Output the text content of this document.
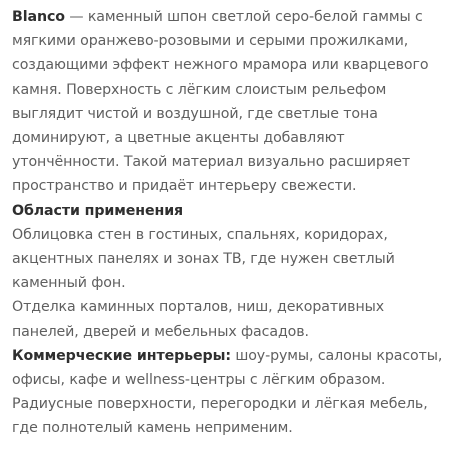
Blanco — каменный шпон светлой серо-белой гаммы с мягкими оранжево-розовыми и серыми прожилками, создающими эффект нежного мрамора или кварцевого камня. Поверхность с лёгким слоистым рельефом выглядит чистой и воздушной, где светлые тона доминируют, а цветные акценты добавляют утончённости. Такой материал визуально расширяет пространство и придаёт интерьеру свежести.

Области применения

Облицовка стен в гостиных, спальнях, коридорах, акцентных панелях и зонах ТВ, где нужен светлый каменный фон.

Отделка каминных порталов, ниш, декоративных панелей, дверей и мебельных фасадов.

Коммерческие интерьеры: шоу-румы, салоны красоты, офисы, кафе и wellness-центры с лёгким образом.

Радиусные поверхности, перегородки и лёгкая мебель, где полнотелый камень неприменим.
